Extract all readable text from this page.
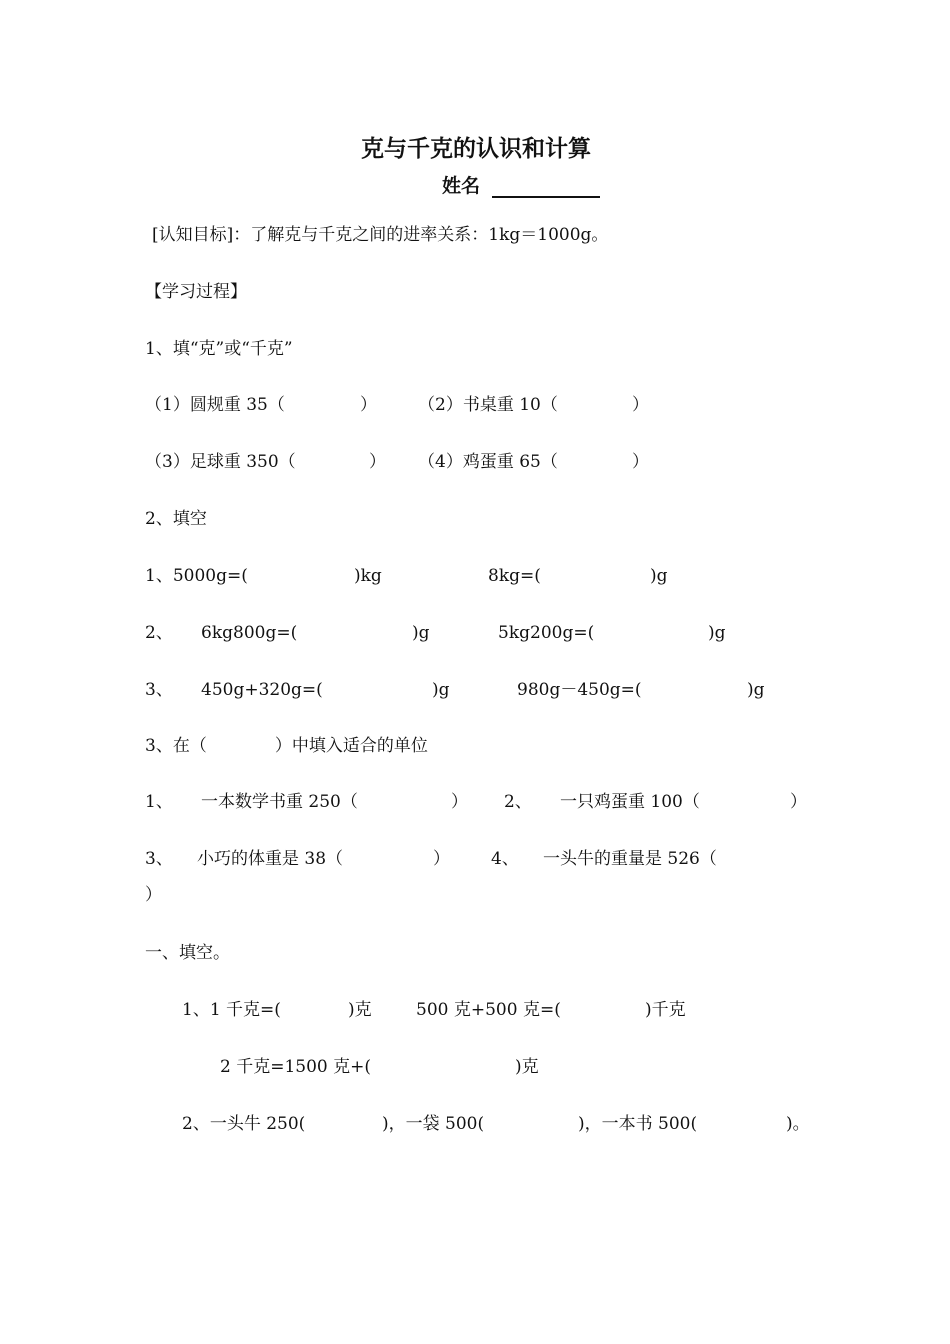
克与千克的认识和计算
姓名
[认知目标]：了解克与千克之间的进率关系：1kg＝1000g。
【学习过程】
1、填“克”或“千克”
（1）圆规重 35（	） （2）书桌重 10（	）
（3）足球重 350（	） （4）鸡蛋重 65（	）
2、填空
1、5000g=(	)kg	8kg=(	)g
2、 6kg800g=(	)g	5kg200g=(	)g
3、 450g+320g=(	)g	980g－450g=(	)g
3、在（　　　　）中填入适合的单位
1、 一本数学书重 250（	） 2、 一只鸡蛋重 100（	）
3、 小巧的体重是 38（	） 4、 一头牛的重量是 526（
）
一、填空。
1、1 千克=(	)克	500 克+500 克=(	)千克
2 千克=1500 克+(	)克
2、一头牛 250(	)，一袋 500(	)，一本书 500(	)。
